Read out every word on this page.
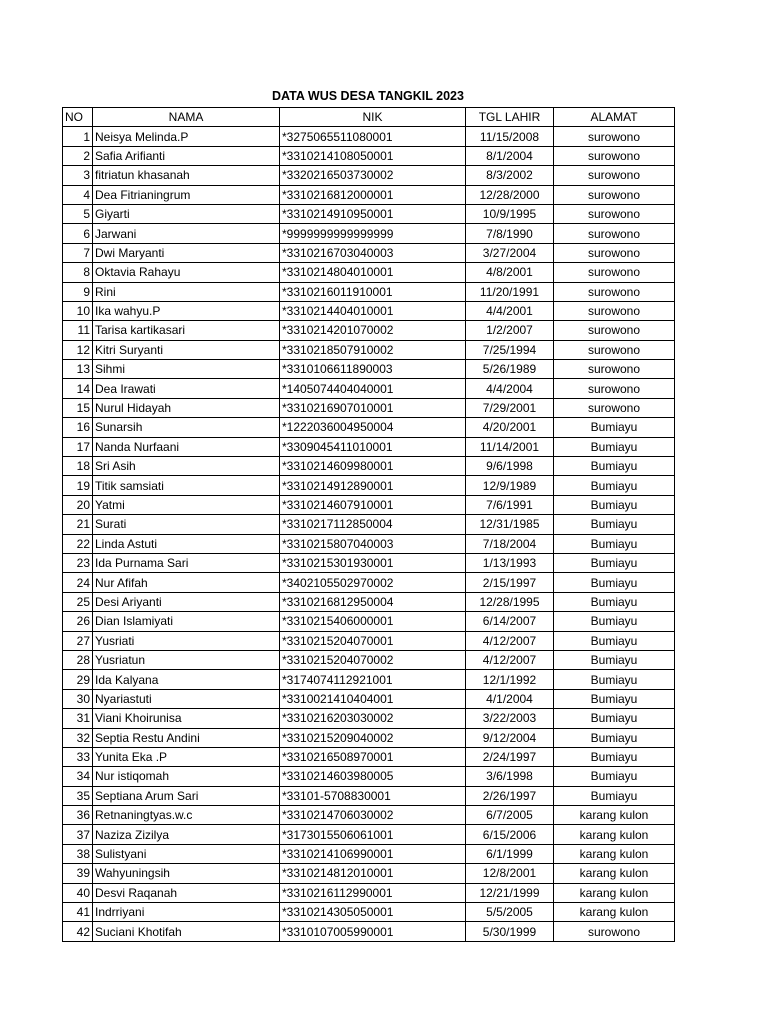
DATA WUS DESA TANGKIL 2023
NO	NAMA	NIK	TGL LAHIR	ALAMAT
1	Neisya Melinda.P	*3275065511080001	11/15/2008	surowono
2	Safia Arifianti	*3310214108050001	8/1/2004	surowono
3	fitriatun khasanah	*3320216503730002	8/3/2002	surowono
4	Dea Fitrianingrum	*3310216812000001	12/28/2000	surowono
5	Giyarti	*3310214910950001	10/9/1995	surowono
6	Jarwani	*9999999999999999	7/8/1990	surowono
7	Dwi Maryanti	*3310216703040003	3/27/2004	surowono
8	Oktavia Rahayu	*3310214804010001	4/8/2001	surowono
9	Rini	*3310216011910001	11/20/1991	surowono
10	Ika wahyu.P	*3310214404010001	4/4/2001	surowono
11	Tarisa kartikasari	*3310214201070002	1/2/2007	surowono
12	Kitri Suryanti	*3310218507910002	7/25/1994	surowono
13	Sihmi	*3310106611890003	5/26/1989	surowono
14	Dea Irawati	*1405074404040001	4/4/2004	surowono
15	Nurul Hidayah	*3310216907010001	7/29/2001	surowono
16	Sunarsih	*1222036004950004	4/20/2001	Bumiayu
17	Nanda Nurfaani	*3309045411010001	11/14/2001	Bumiayu
18	Sri Asih	*3310214609980001	9/6/1998	Bumiayu
19	Titik samsiati	*3310214912890001	12/9/1989	Bumiayu
20	Yatmi	*3310214607910001	7/6/1991	Bumiayu
21	Surati	*3310217112850004	12/31/1985	Bumiayu
22	Linda Astuti	*3310215807040003	7/18/2004	Bumiayu
23	Ida Purnama Sari	*3310215301930001	1/13/1993	Bumiayu
24	Nur Afifah	*3402105502970002	2/15/1997	Bumiayu
25	Desi Ariyanti	*3310216812950004	12/28/1995	Bumiayu
26	Dian Islamiyati	*3310215406000001	6/14/2007	Bumiayu
27	Yusriati	*3310215204070001	4/12/2007	Bumiayu
28	Yusriatun	*3310215204070002	4/12/2007	Bumiayu
29	Ida Kalyana	*3174074112921001	12/1/1992	Bumiayu
30	Nyariastuti	*3310021410404001	4/1/2004	Bumiayu
31	Viani Khoirunisa	*3310216203030002	3/22/2003	Bumiayu
32	Septia Restu Andini	*3310215209040002	9/12/2004	Bumiayu
33	Yunita Eka .P	*3310216508970001	2/24/1997	Bumiayu
34	Nur istiqomah	*3310214603980005	3/6/1998	Bumiayu
35	Septiana Arum Sari	*33101-5708830001	2/26/1997	Bumiayu
36	Retnaningtyas.w.c	*3310214706030002	6/7/2005	karang kulon
37	Naziza Zizilya	*3173015506061001	6/15/2006	karang kulon
38	Sulistyani	*3310214106990001	6/1/1999	karang kulon
39	Wahyuningsih	*3310214812010001	12/8/2001	karang kulon
40	Desvi Raqanah	*3310216112990001	12/21/1999	karang kulon
41	Indrriyani	*3310214305050001	5/5/2005	karang kulon
42	Suciani Khotifah	*3310107005990001	5/30/1999	surowono
